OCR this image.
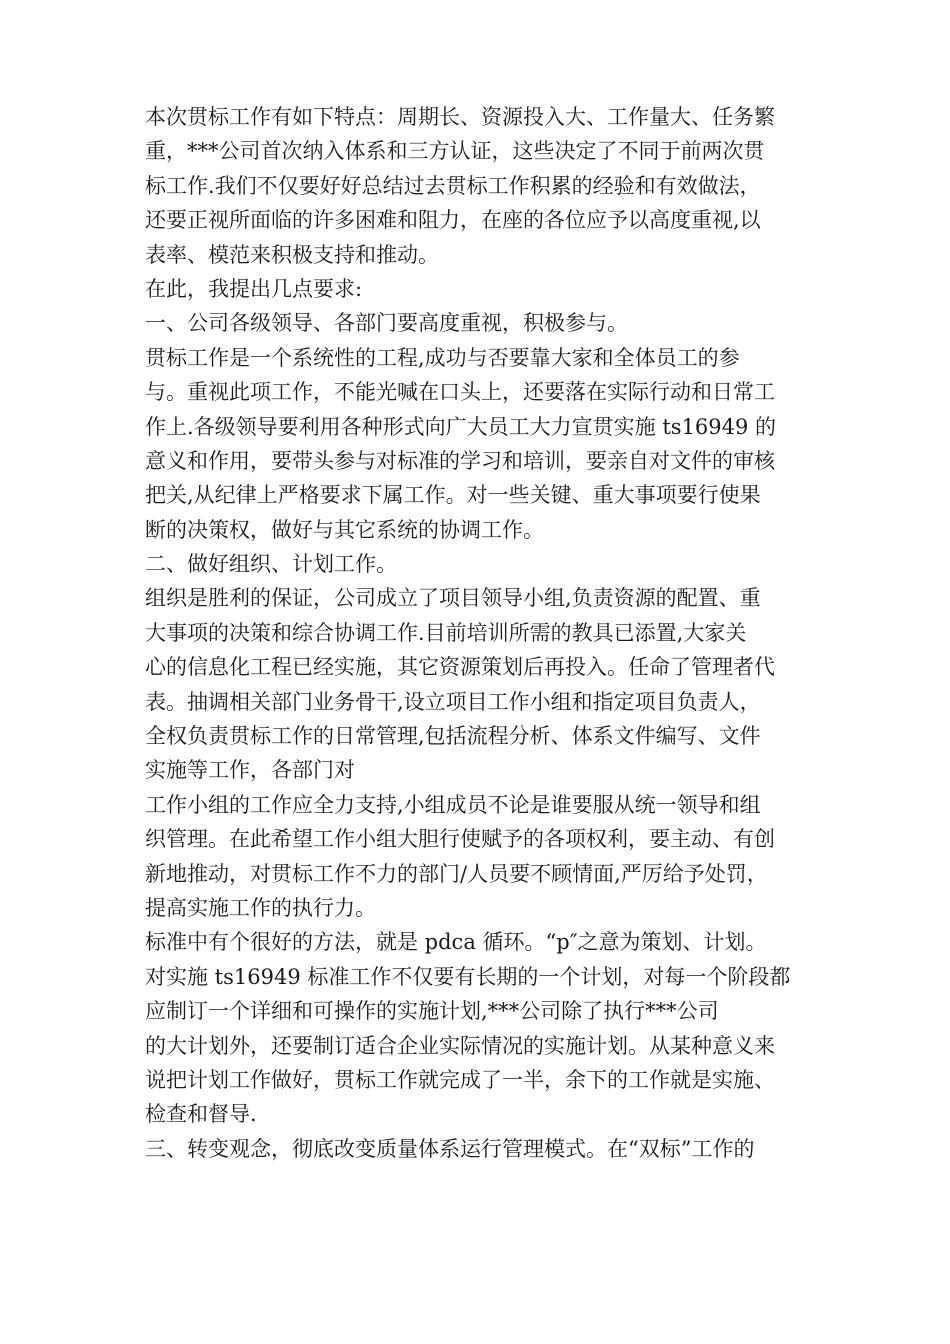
本次贯标工作有如下特点：周期长、资源投入大、工作量大、任务繁
重，***公司首次纳入体系和三方认证，这些决定了不同于前两次贯
标工作.我们不仅要好好总结过去贯标工作积累的经验和有效做法，
还要正视所面临的许多困难和阻力，在座的各位应予以高度重视,以
表率、模范来积极支持和推动。
在此，我提出几点要求:
一、公司各级领导、各部门要高度重视，积极参与。
贯标工作是一个系统性的工程,成功与否要靠大家和全体员工的参
与。重视此项工作，不能光喊在口头上，还要落在实际行动和日常工
作上.各级领导要利用各种形式向广大员工大力宣贯实施 ts16949 的
意义和作用，要带头参与对标准的学习和培训，要亲自对文件的审核
把关,从纪律上严格要求下属工作。对一些关键、重大事项要行使果
断的决策权，做好与其它系统的协调工作。
二、做好组织、计划工作。
组织是胜利的保证，公司成立了项目领导小组,负责资源的配置、重
大事项的决策和综合协调工作.目前培训所需的教具已添置,大家关
心的信息化工程已经实施，其它资源策划后再投入。任命了管理者代
表。抽调相关部门业务骨干,设立项目工作小组和指定项目负责人，
全权负责贯标工作的日常管理,包括流程分析、体系文件编写、文件
实施等工作，各部门对
工作小组的工作应全力支持,小组成员不论是谁要服从统一领导和组
织管理。在此希望工作小组大胆行使赋予的各项权利，要主动、有创
新地推动，对贯标工作不力的部门/人员要不顾情面,严厉给予处罚，
提高实施工作的执行力。
标准中有个很好的方法，就是 pdca 循环。“p″之意为策划、计划。
对实施 ts16949 标准工作不仅要有长期的一个计划，对每一个阶段都
应制订一个详细和可操作的实施计划,***公司除了执行***公司
的大计划外，还要制订适合企业实际情况的实施计划。从某种意义来
说把计划工作做好，贯标工作就完成了一半，余下的工作就是实施、
检查和督导.
三、转变观念，彻底改变质量体系运行管理模式。在“双标”工作的
